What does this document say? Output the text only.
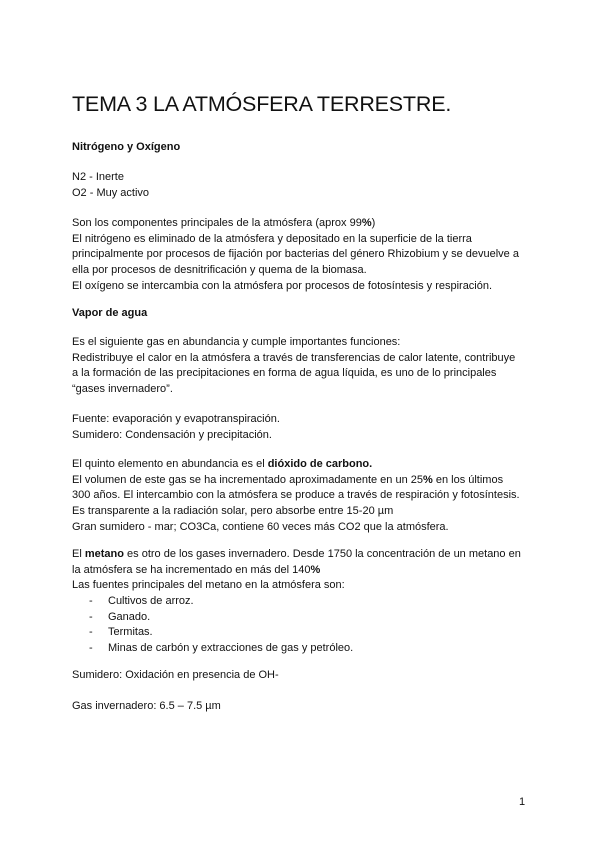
TEMA 3 LA ATMÓSFERA TERRESTRE.
Nitrógeno y Oxígeno
N2 - Inerte
O2 - Muy activo
Son los componentes principales de la atmósfera (aprox 99%)
El nitrógeno es eliminado de la atmósfera y depositado en la superficie de la tierra
principalmente por procesos de fijación por bacterias del género Rhizobium y se devuelve a
ella por procesos de desnitrificación y quema de la biomasa.
El oxígeno se intercambia con la atmósfera por procesos de fotosíntesis y respiración.
Vapor de agua
Es el siguiente gas en abundancia y cumple importantes funciones:
Redistribuye el calor en la atmósfera a través de transferencias de calor latente, contribuye
a la formación de las precipitaciones en forma de agua líquida, es uno de lo principales
“gases invernadero”.
Fuente: evaporación y evapotranspiración.
Sumidero: Condensación y precipitación.
El quinto elemento en abundancia es el dióxido de carbono.
El volumen de este gas se ha incrementado aproximadamente en un 25% en los últimos
300 años. El intercambio con la atmósfera se produce a través de respiración y fotosíntesis.
Es transparente a la radiación solar, pero absorbe entre 15-20 µm
Gran sumidero - mar; CO3Ca, contiene 60 veces más CO2 que la atmósfera.
El metano es otro de los gases invernadero. Desde 1750 la concentración de un metano en
la atmósfera se ha incrementado en más del 140%
Las fuentes principales del metano en la atmósfera son:
- Cultivos de arroz.
- Ganado.
- Termitas.
- Minas de carbón y extracciones de gas y petróleo.
Sumidero: Oxidación en presencia de OH-
Gas invernadero: 6.5 – 7.5 µm
1
